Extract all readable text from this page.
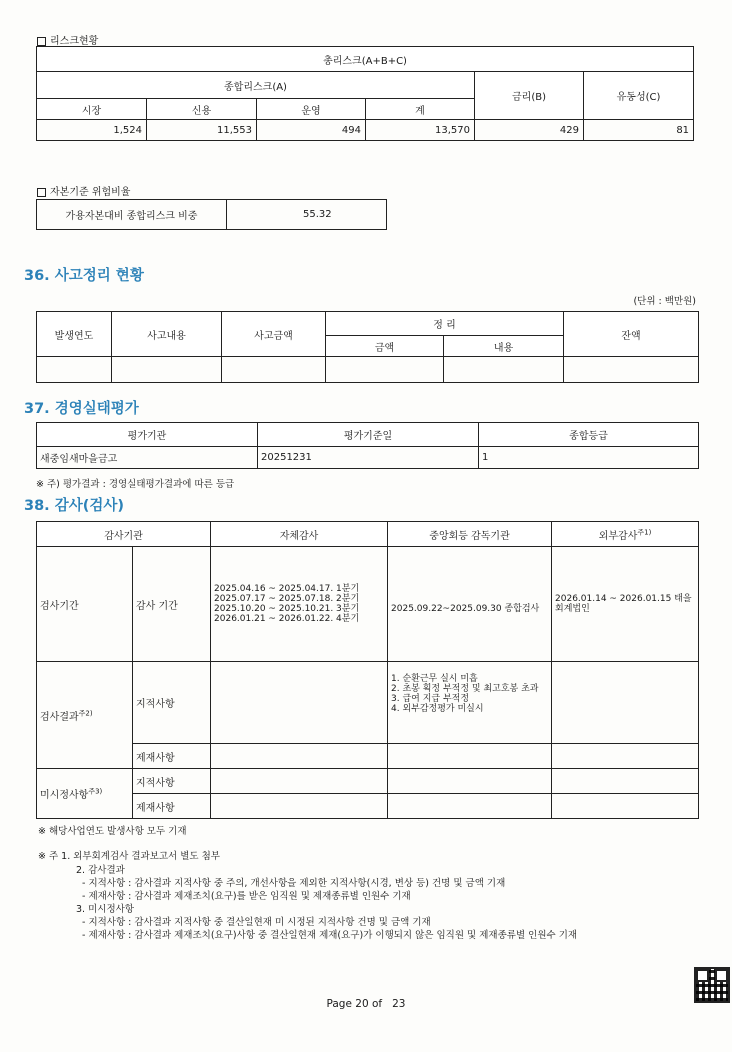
리스크현황
총리스크(A+B+C)					
종합리스크(A)				금리(B)	유동성(C)
시장	신용	운영	계		
1,524	11,553	494	13,570	429	81
자본기준 위험비율
가용자본대비 종합리스크 비중	55.32
36. 사고정리 현황
(단위 : 백만원)
발생연도	사고내용	사고금액	정 리		잔액
			금액	내용	

37. 경영실태평가
평가기관	평가기준일	종합등급
새중임새마을금고	20251231	1
※ 주) 평가결과 : 경영실태평가결과에 따른 등급
38. 감사(검사)
감사기관		자체감사	중앙회등 감독기관	외부감사$^{주1)}$
검사기간	감사 기간	2025.04.16 ~ 2025.04.17. 1분기
2025.07.17 ~ 2025.07.18. 2분기
2025.10.20 ~ 2025.10.21. 3분기
2026.01.21 ~ 2026.01.22. 4분기	2025.09.22~2025.09.30 종합검사	2026.01.14 ~ 2026.01.15 태을회계법인
검사결과$^{주2)}$	지적사항		1. 순환근무 실시 미흡
2. 초봉 획정 부적정 및 최고호봉 초과
3. 급여 지급 부적정
4. 외부감정평가 미실시	
	제재사항			
미시정사항$^{주3)}$	지적사항			
	제재사항			
※ 해당사업연도 발생사항 모두 기재
※ 주 1. 외부회계검사 결과보고서 별도 첨부
2. 감사결과
- 지적사항 : 감사결과 지적사항 중 주의, 개선사항을 제외한 지적사항(시경, 변상 등) 건명 및 금액 기재
- 제재사항 : 감사결과 제재조치(요구)를 받은 임직원 및 제재종류별 인원수 기재
3. 미시정사항
- 지적사항 : 감사결과 지적사항 중 결산일현재 미 시정된 지적사항 건명 및 금액 기재
- 제재사항 : 감사결과 제재조치(요구)사항 중 결산일현재 제재(요구)가 이행되지 않은 임직원 및 제재종류별 인원수 기재
Page 20 of   23
